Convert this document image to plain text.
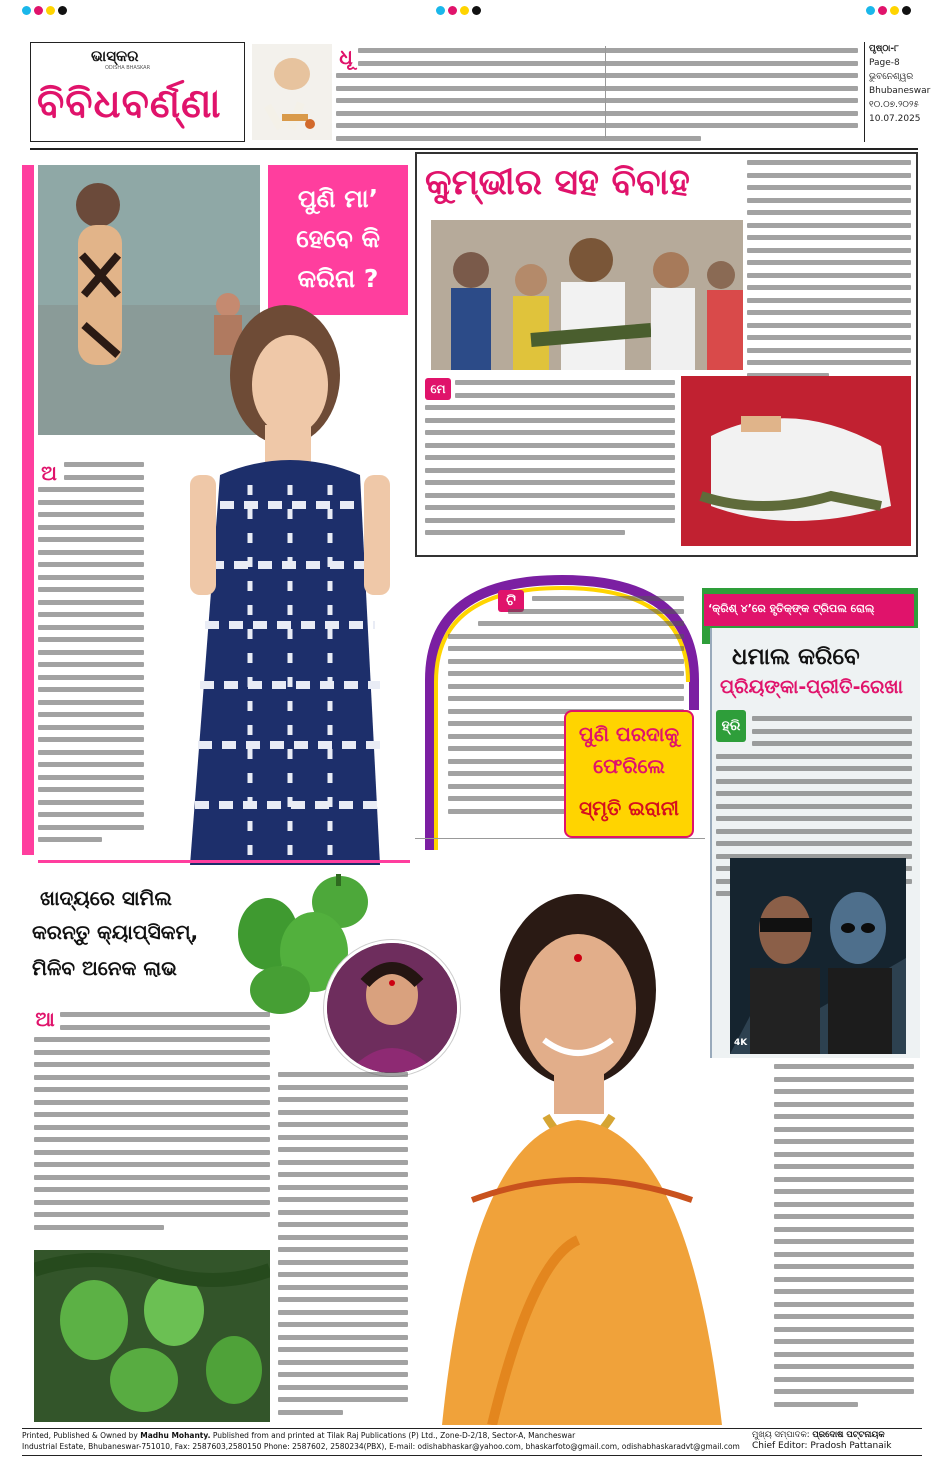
ଭାସ୍କର
ODISHA BHASKAR
ବିବିଧବର୍ଣ୍ଣା
ଧୂ	ପୃଷ୍ଠା-୮
Page-8
ଭୁବନେଶ୍ୱର
Bhubaneswar
୧୦.୦୭.୨୦୨୫
10.07.2025
ପୁଣି ମା’ ହେବେ କି କରିନା ?
ଅ
କୁମ୍ଭୀର ସହ ବିବାହ
ମେ
ଟି
ପୁଣି ପରଦାକୁ ଫେରିଲେ
ସ୍ମୃତି ଇରାନୀ
‘କ୍ରିଶ୍ ୪’ରେ ହୃତିକ୍‌ଙ୍କ ଟ୍ରିପଲ ରୋଲ୍
ଧମାଲ କରିବେ
ପ୍ରିୟଙ୍କା-ପ୍ରୀତି-ରେଖା
ହ୍ରି
4K
ଖାଦ୍ୟରେ ସାମିଲ
କରନ୍ତୁ କ୍ୟାପ୍‌ସିକମ୍,
ମିଳିବ ଅନେକ ଲାଭ
ଆ
Printed, Published & Owned by Madhu Mohanty. Published from and printed at Tilak Raj Publications (P) Ltd., Zone-D-2/18, Sector-A, Mancheswar
Industrial Estate, Bhubaneswar-751010, Fax: 2587603,2580150 Phone: 2587602, 2580234(PBX), E-mail: odishabhaskar@yahoo.com, bhaskarfoto@gmail.com, odishabhaskaradvt@gmail.com
ମୁଖ୍ୟ ସମ୍ପାଦକ: ପ୍ରଦୋଷ ପଟ୍ଟନାୟକ
Chief Editor: Pradosh Pattanaik
